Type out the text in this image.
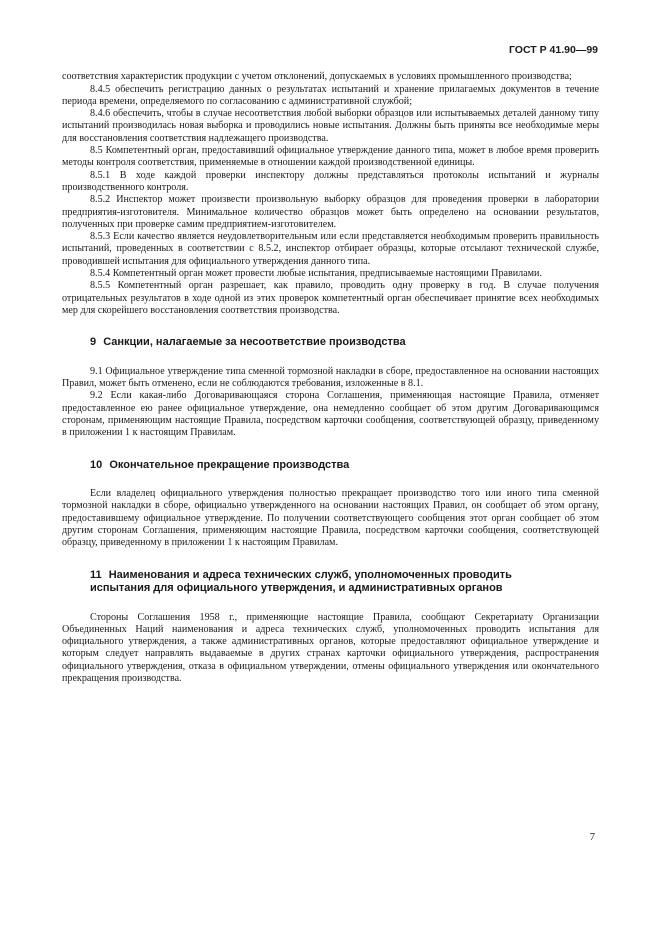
ГОСТ Р 41.90—99

соответствия характеристик продукции с учетом отклонений, допускаемых в условиях промышленного производства;

8.4.5 обеспечить регистрацию данных о результатах испытаний и хранение прилагаемых документов в течение периода времени, определяемого по согласованию с административной службой;

8.4.6 обеспечить, чтобы в случае несоответствия любой выборки образцов или испытываемых деталей данному типу испытаний производилась новая выборка и проводились новые испытания. Должны быть приняты все необходимые меры для восстановления соответствия надлежащего производства.

8.5 Компетентный орган, предоставивший официальное утверждение данного типа, может в любое время проверить методы контроля соответствия, применяемые в отношении каждой производственной единицы.

8.5.1 В ходе каждой проверки инспектору должны представляться протоколы испытаний и журналы производственного контроля.

8.5.2 Инспектор может произвести произвольную выборку образцов для проведения проверки в лаборатории предприятия-изготовителя. Минимальное количество образцов может быть определено на основании результатов, полученных при проверке самим предприятием-изготовителем.

8.5.3 Если качество является неудовлетворительным или если представляется необходимым проверить правильность испытаний, проведенных в соответствии с 8.5.2, инспектор отбирает образцы, которые отсылают технической службе, проводившей испытания для официального утверждения данного типа.

8.5.4 Компетентный орган может провести любые испытания, предписываемые настоящими Правилами.

8.5.5 Компетентный орган разрешает, как правило, проводить одну проверку в год. В случае получения отрицательных результатов в ходе одной из этих проверок компетентный орган обеспечивает принятие всех необходимых мер для скорейшего восстановления соответствия производства.

9 Санкции, налагаемые за несоответствие производства

9.1 Официальное утверждение типа сменной тормозной накладки в сборе, предоставленное на основании настоящих Правил, может быть отменено, если не соблюдаются требования, изложенные в 8.1.

9.2 Если какая-либо Договаривающаяся сторона Соглашения, применяющая настоящие Правила, отменяет предоставленное ею ранее официальное утверждение, она немедленно сообщает об этом другим Договаривающимся сторонам, применяющим настоящие Правила, посредством карточки сообщения, соответствующей образцу, приведенному в приложении 1 к настоящим Правилам.

10 Окончательное прекращение производства

Если владелец официального утверждения полностью прекращает производство того или иного типа сменной тормозной накладки в сборе, официально утвержденного на основании настоящих Правил, он сообщает об этом органу, предоставившему официальное утверждение. По получении соответствующего сообщения этот орган сообщает об этом другим сторонам Соглашения, применяющим настоящие Правила, посредством карточки сообщения, соответствующей образцу, приведенному в приложении 1 к настоящим Правилам.

11 Наименования и адреса технических служб, уполномоченных проводить
испытания для официального утверждения, и административных органов

Стороны Соглашения 1958 г., применяющие настоящие Правила, сообщают Секретариату Организации Объединенных Наций наименования и адреса технических служб, уполномоченных проводить испытания для официального утверждения, а также административных органов, которые предоставляют официальное утверждение и которым следует направлять выдаваемые в других странах карточки официального утверждения, распространения официального утверждения, отказа в официальном утверждении, отмены официального утверждения или окончательного прекращения производства.

7
